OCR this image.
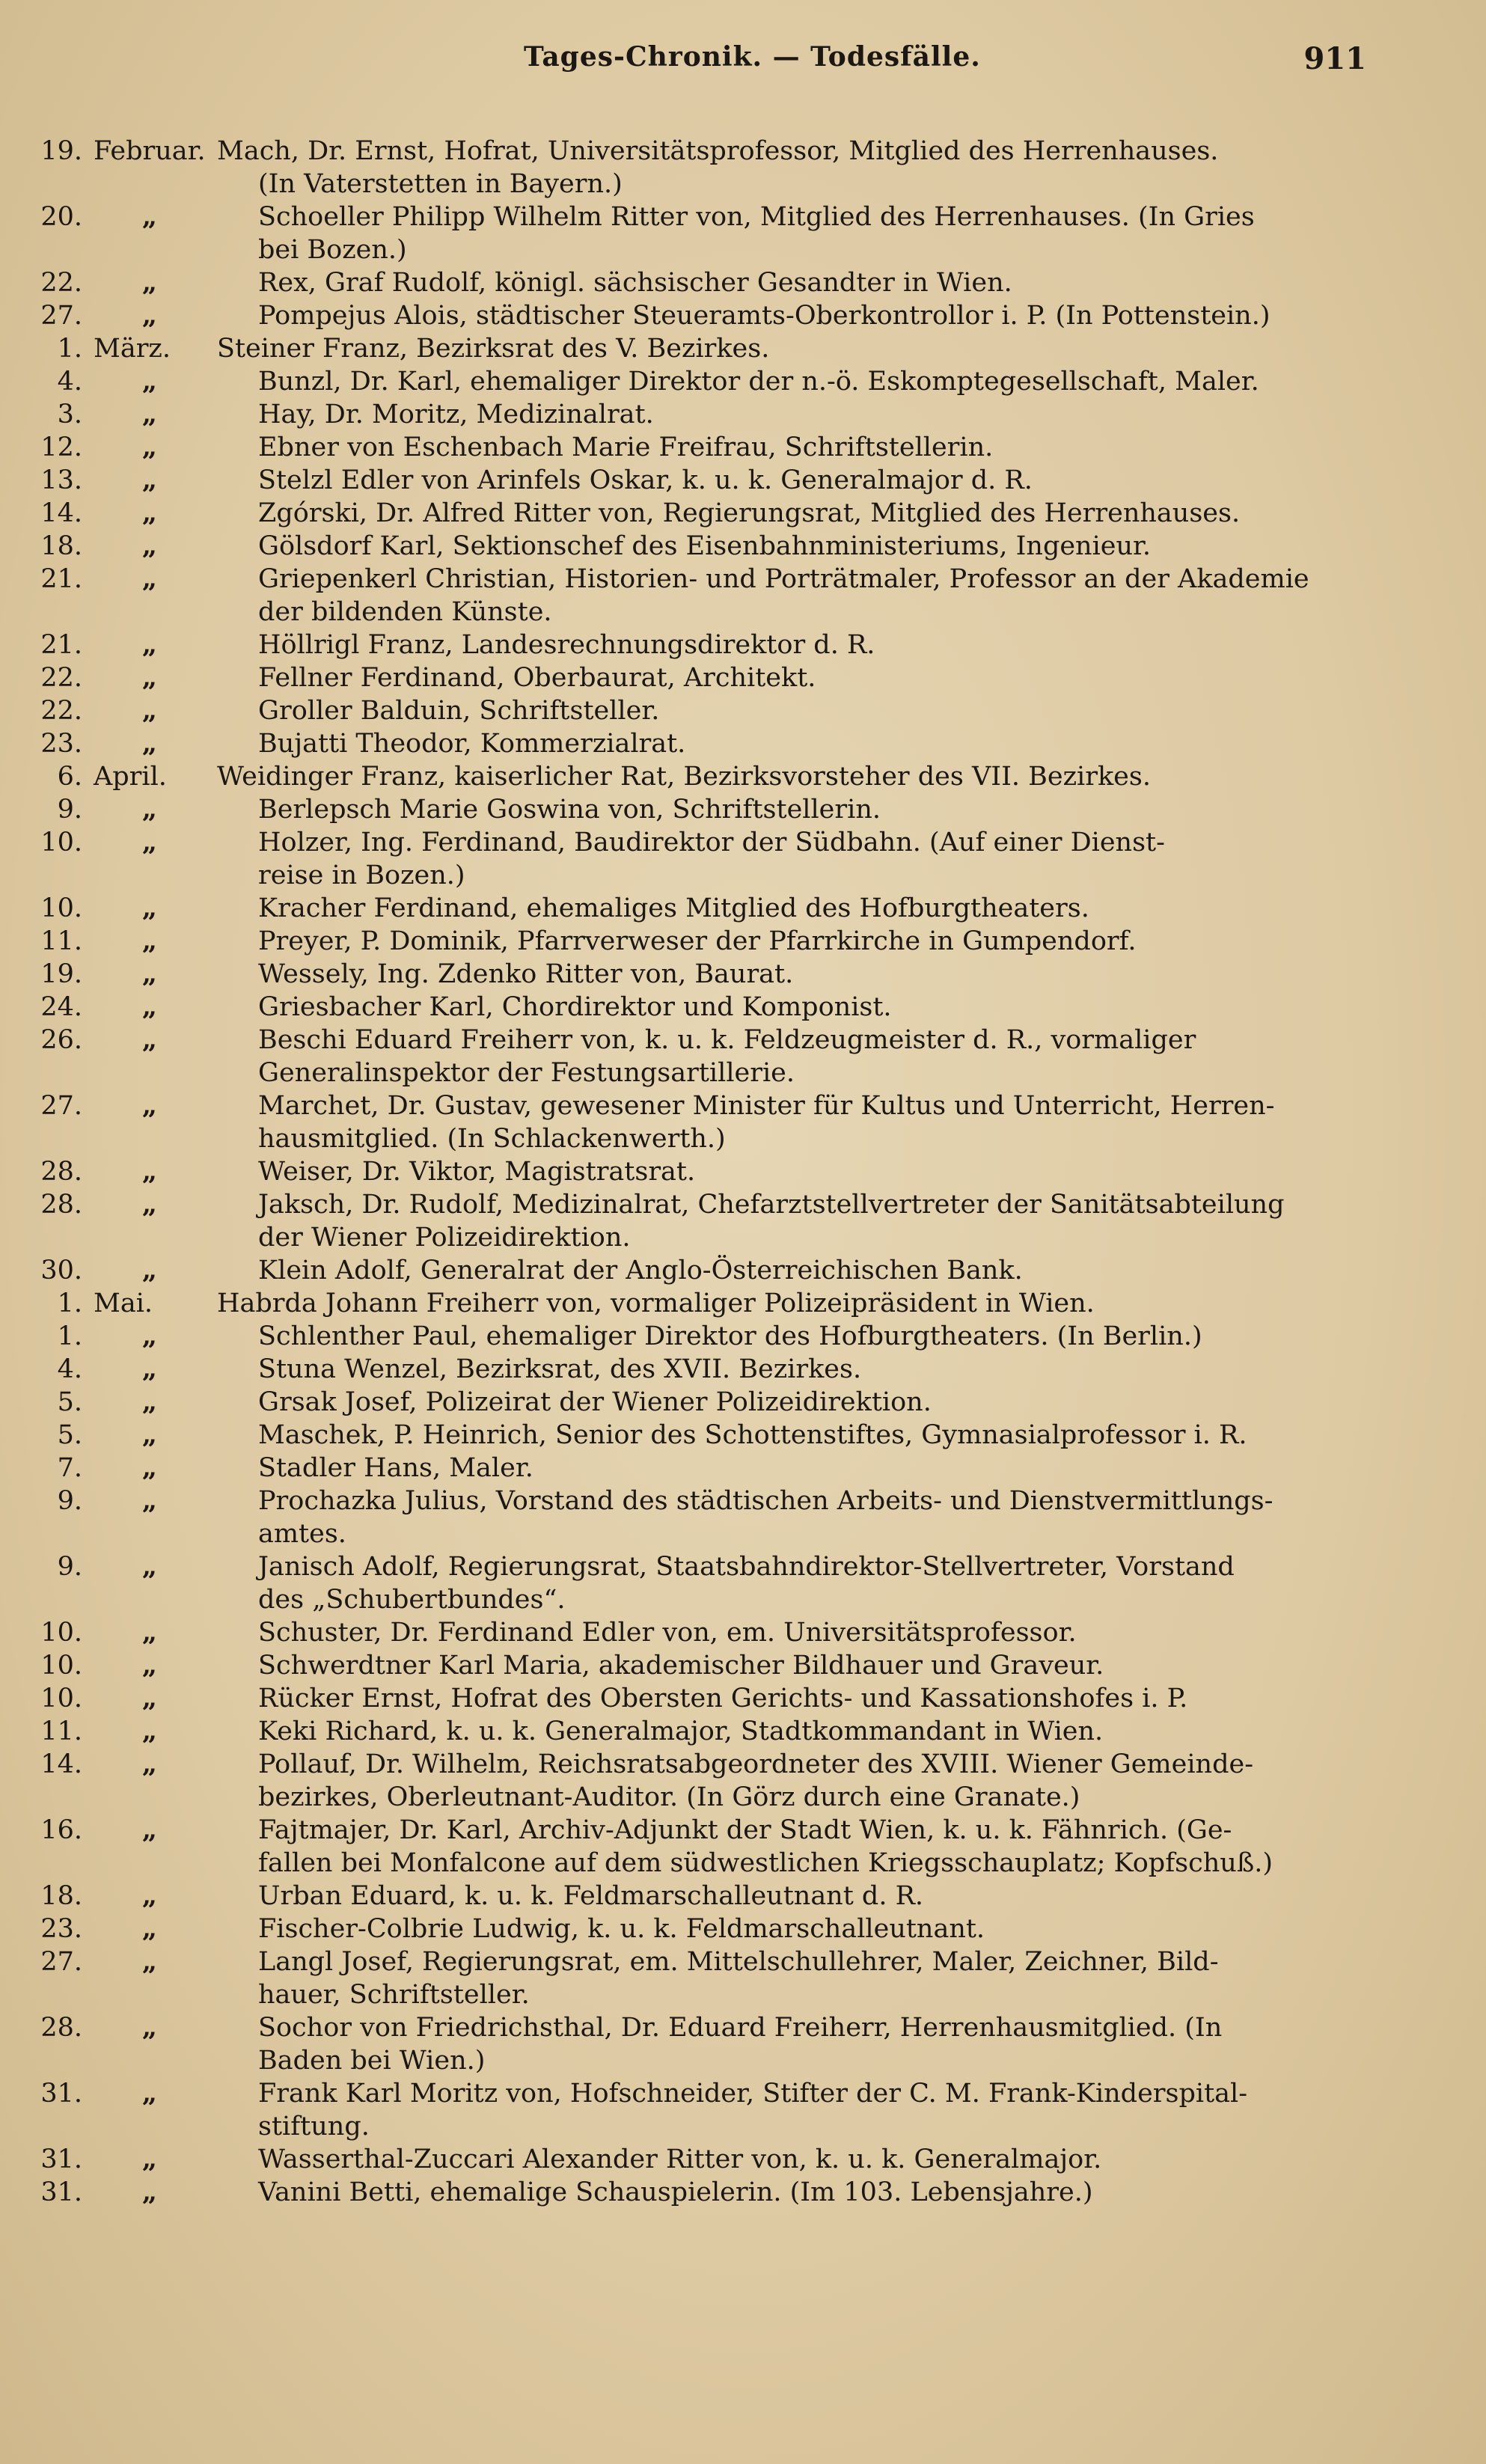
Tages-Chronik. — Todesfälle.	911
19. Februar. Mach, Dr. Ernst, Hofrat, Universitätsprofessor, Mitglied des Herrenhauses.
(In Vaterstetten in Bayern.)
20. „	Schoeller Philipp Wilhelm Ritter von, Mitglied des Herrenhauses. (In Gries
bei Bozen.)
22. „	Rex, Graf Rudolf, königl. sächsischer Gesandter in Wien.
27. „	Pompejus Alois, städtischer Steueramts-Oberkontrollor i. P. (In Pottenstein.)
1. März. Steiner Franz, Bezirksrat des V. Bezirkes.
4. „	Bunzl, Dr. Karl, ehemaliger Direktor der n.-ö. Eskomptegesellschaft, Maler.
3. „	Hay, Dr. Moritz, Medizinalrat.
12. „	Ebner von Eschenbach Marie Freifrau, Schriftstellerin.
13. „	Stelzl Edler von Arinfels Oskar, k. u. k. Generalmajor d. R.
14. „	Zgórski, Dr. Alfred Ritter von, Regierungsrat, Mitglied des Herrenhauses.
18. „	Gölsdorf Karl, Sektionschef des Eisenbahnministeriums, Ingenieur.
21. „	Griepenkerl Christian, Historien- und Porträtmaler, Professor an der Akademie
der bildenden Künste.
21. „	Höllrigl Franz, Landesrechnungsdirektor d. R.
22. „	Fellner Ferdinand, Oberbaurat, Architekt.
22. „	Groller Balduin, Schriftsteller.
23. „	Bujatti Theodor, Kommerzialrat.
6. April. Weidinger Franz, kaiserlicher Rat, Bezirksvorsteher des VII. Bezirkes.
9. „	Berlepsch Marie Goswina von, Schriftstellerin.
10. „	Holzer, Ing. Ferdinand, Baudirektor der Südbahn. (Auf einer Dienst-
reise in Bozen.)
10. „	Kracher Ferdinand, ehemaliges Mitglied des Hofburgtheaters.
11. „	Preyer, P. Dominik, Pfarrverweser der Pfarrkirche in Gumpendorf.
19. „	Wessely, Ing. Zdenko Ritter von, Baurat.
24. „	Griesbacher Karl, Chordirektor und Komponist.
26. „	Beschi Eduard Freiherr von, k. u. k. Feldzeugmeister d. R., vormaliger
Generalinspektor der Festungsartillerie.
27. „	Marchet, Dr. Gustav, gewesener Minister für Kultus und Unterricht, Herren-
hausmitglied. (In Schlackenwerth.)
28. „	Weiser, Dr. Viktor, Magistratsrat.
28. „	Jaksch, Dr. Rudolf, Medizinalrat, Chefarztstellvertreter der Sanitätsabteilung
der Wiener Polizeidirektion.
30. „	Klein Adolf, Generalrat der Anglo-Österreichischen Bank.
1. Mai. Habrda Johann Freiherr von, vormaliger Polizeipräsident in Wien.
1. „	Schlenther Paul, ehemaliger Direktor des Hofburgtheaters. (In Berlin.)
4. „	Stuna Wenzel, Bezirksrat, des XVII. Bezirkes.
5. „	Grsak Josef, Polizeirat der Wiener Polizeidirektion.
5. „	Maschek, P. Heinrich, Senior des Schottenstiftes, Gymnasialprofessor i. R.
7. „	Stadler Hans, Maler.
9. „	Prochazka Julius, Vorstand des städtischen Arbeits- und Dienstvermittlungs-
amtes.
9. „	Janisch Adolf, Regierungsrat, Staatsbahndirektor-Stellvertreter, Vorstand
des „Schubertbundes“.
10. „	Schuster, Dr. Ferdinand Edler von, em. Universitätsprofessor.
10. „	Schwerdtner Karl Maria, akademischer Bildhauer und Graveur.
10. „	Rücker Ernst, Hofrat des Obersten Gerichts- und Kassationshofes i. P.
11. „	Keki Richard, k. u. k. Generalmajor, Stadtkommandant in Wien.
14. „	Pollauf, Dr. Wilhelm, Reichsratsabgeordneter des XVIII. Wiener Gemeinde-
bezirkes, Oberleutnant-Auditor. (In Görz durch eine Granate.)
16. „	Fajtmajer, Dr. Karl, Archiv-Adjunkt der Stadt Wien, k. u. k. Fähnrich. (Ge-
fallen bei Monfalcone auf dem südwestlichen Kriegsschauplatz; Kopfschuß.)
18. „	Urban Eduard, k. u. k. Feldmarschalleutnant d. R.
23. „	Fischer-Colbrie Ludwig, k. u. k. Feldmarschalleutnant.
27. „	Langl Josef, Regierungsrat, em. Mittelschullehrer, Maler, Zeichner, Bild-
hauer, Schriftsteller.
28. „	Sochor von Friedrichsthal, Dr. Eduard Freiherr, Herrenhausmitglied. (In
Baden bei Wien.)
31. „	Frank Karl Moritz von, Hofschneider, Stifter der C. M. Frank-Kinderspital-
stiftung.
31. „	Wasserthal-Zuccari Alexander Ritter von, k. u. k. Generalmajor.
31. „	Vanini Betti, ehemalige Schauspielerin. (Im 103. Lebensjahre.)
